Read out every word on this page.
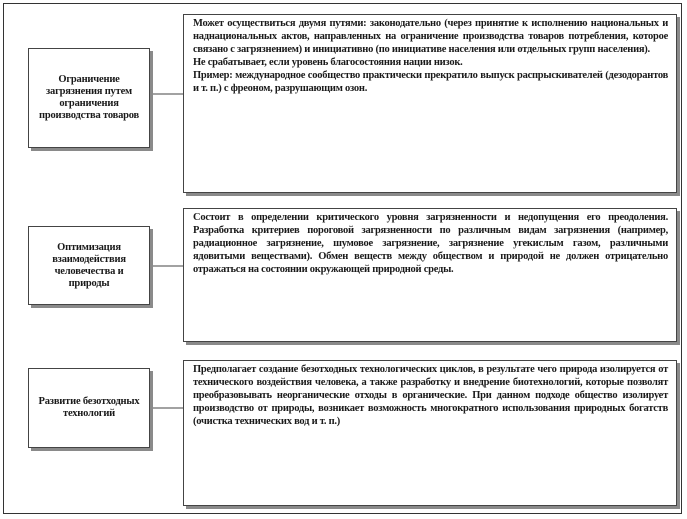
Ограничение загрязнения путем ограничения производства товаров

Может осуществиться двумя путями: законодательно (через принятие к исполнению национальных и наднациональных актов, направленных на ограничение производства товаров потребления, которое связано с загрязнением) и инициативно (по инициативе населения или отдельных групп населения).

Не срабатывает, если уровень благосостояния нации низок.

Пример: международное сообщество практически прекратило выпуск распрыскивателей (дезодорантов и т. п.) с фреоном, разрушающим озон.

Оптимизация взаимодействия человечества и природы

Состоит в определении критического уровня загрязненности и недопущения его преодоления. Разработка критериев пороговой загрязненности по различным видам загрязнения (например, радиационное загрязнение, шумовое загрязнение, загрязнение угекислым газом, различными ядовитыми веществами). Обмен веществ между обществом и природой не должен отрицательно отражаться на состоянии окружающей природной среды.

Развитие безотходных технологий

Предполагает создание безотходных технологических циклов, в результате чего природа изолируется от технического воздействия человека, а также разработку и внедрение биотехнологий, которые позволят преобразовывать неорганические отходы в органические. При данном подходе общество изолирует производство от природы, возникает возможность многократного использования природных богатств (очистка технических вод и т. п.)
